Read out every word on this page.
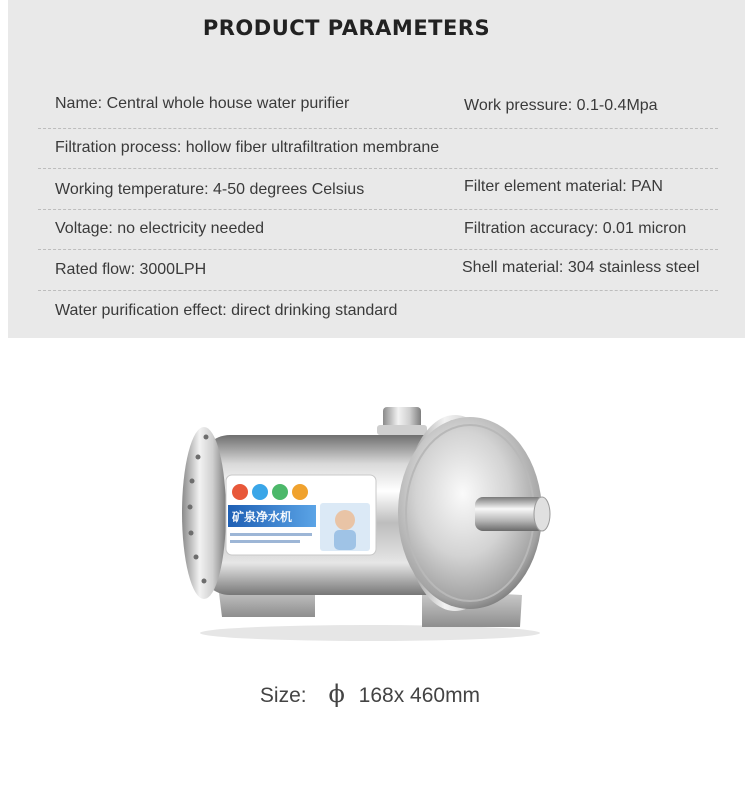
PRODUCT PARAMETERS
Name: Central whole house water purifier	Work pressure: 0.1-0.4Mpa
Filtration process: hollow fiber ultrafiltration membrane
Working temperature: 4-50 degrees Celsius	Filter element material: PAN
Voltage: no electricity needed	Filtration accuracy: 0.01 micron
Rated flow: 3000LPH	Shell material: 304 stainless steel
Water purification effect: direct drinking standard
矿泉净水机
Size: ϕ 168x 460mm
